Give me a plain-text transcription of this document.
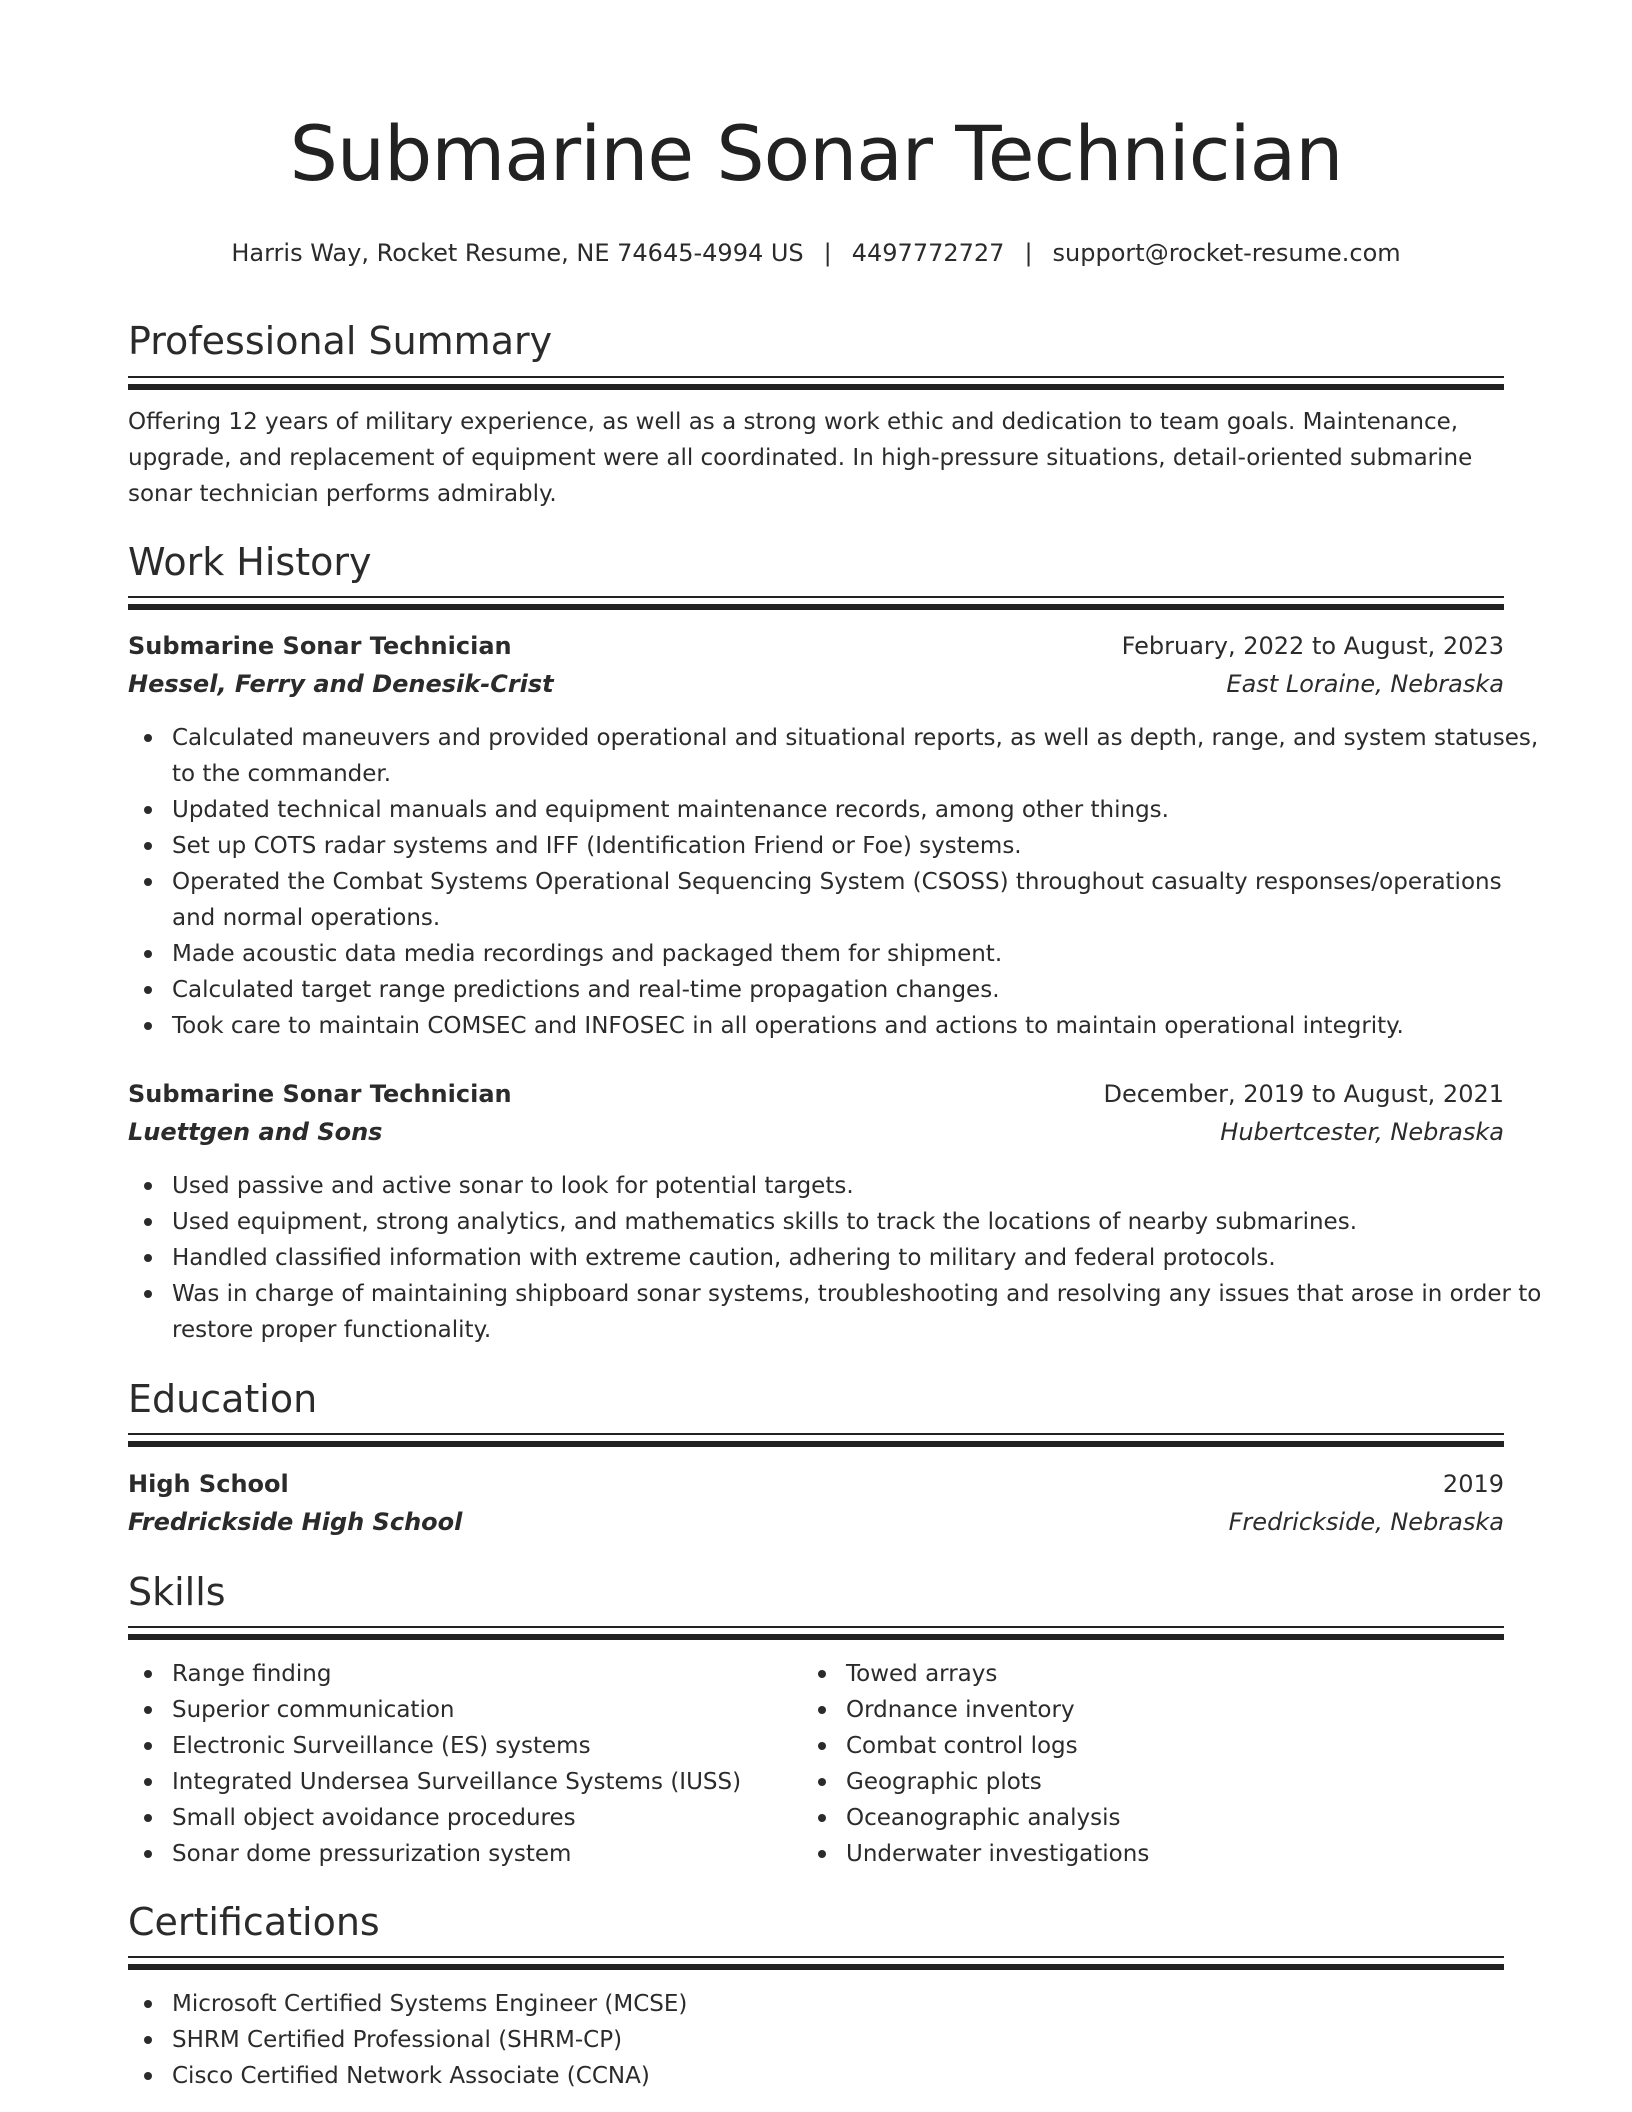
Submarine Sonar Technician
Harris Way, Rocket Resume, NE 74645-4994 US | 4497772727 | support@rocket-resume.com
Professional Summary

Offering 12 years of military experience, as well as a strong work ethic and dedication to team goals. Maintenance, upgrade, and replacement of equipment were all coordinated. In high-pressure situations, detail-oriented submarine sonar technician performs admirably.

Work History
Submarine Sonar Technician	February, 2022 to August, 2023
Hessel, Ferry and Denesik-Crist	East Loraine, Nebraska
Calculated maneuvers and provided operational and situational reports, as well as depth, range, and system statuses, to the commander.
Updated technical manuals and equipment maintenance records, among other things.
Set up COTS radar systems and IFF (Identification Friend or Foe) systems.
Operated the Combat Systems Operational Sequencing System (CSOSS) throughout casualty responses/operations and normal operations.
Made acoustic data media recordings and packaged them for shipment.
Calculated target range predictions and real-time propagation changes.
Took care to maintain COMSEC and INFOSEC in all operations and actions to maintain operational integrity.
Submarine Sonar Technician	December, 2019 to August, 2021
Luettgen and Sons	Hubertcester, Nebraska
Used passive and active sonar to look for potential targets.
Used equipment, strong analytics, and mathematics skills to track the locations of nearby submarines.
Handled classified information with extreme caution, adhering to military and federal protocols.
Was in charge of maintaining shipboard sonar systems, troubleshooting and resolving any issues that arose in order to restore proper functionality.
Education
High School	2019
Fredrickside High School	Fredrickside, Nebraska
Skills
Range finding
Superior communication
Electronic Surveillance (ES) systems
Integrated Undersea Surveillance Systems (IUSS)
Small object avoidance procedures
Sonar dome pressurization system
Towed arrays
Ordnance inventory
Combat control logs
Geographic plots
Oceanographic analysis
Underwater investigations
Certifications
Microsoft Certified Systems Engineer (MCSE)
SHRM Certified Professional (SHRM-CP)
Cisco Certified Network Associate (CCNA)
